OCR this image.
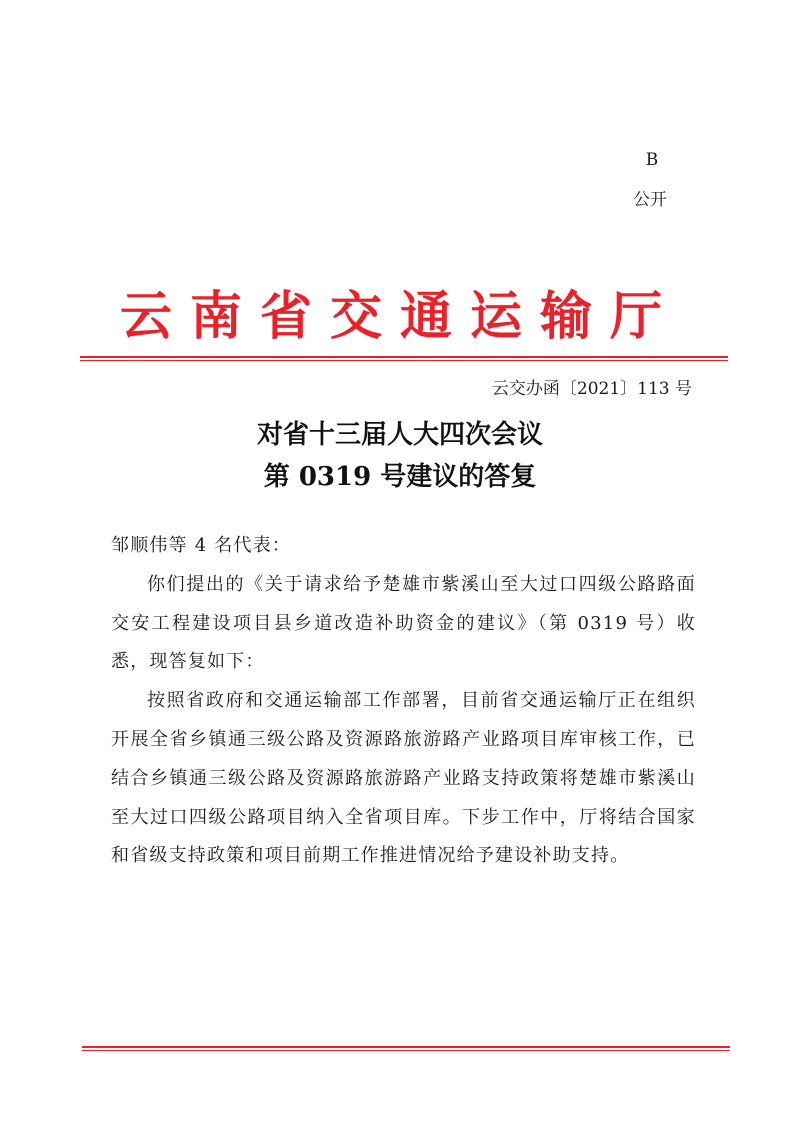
B
公开
云南省交通运输厅
云交办函〔2021〕113 号
对省十三届人大四次会议
第 0319 号建议的答复

邹顺伟等 4 名代表：

你们提出的《关于请求给予楚雄市紫溪山至大过口四级公路路面交安工程建设项目县乡道改造补助资金的建议》（第 0319 号）收悉，现答复如下：

按照省政府和交通运输部工作部署，目前省交通运输厅正在组织开展全省乡镇通三级公路及资源路旅游路产业路项目库审核工作，已结合乡镇通三级公路及资源路旅游路产业路支持政策将楚雄市紫溪山至大过口四级公路项目纳入全省项目库。下步工作中，厅将结合国家和省级支持政策和项目前期工作推进情况给予建设补助支持。
